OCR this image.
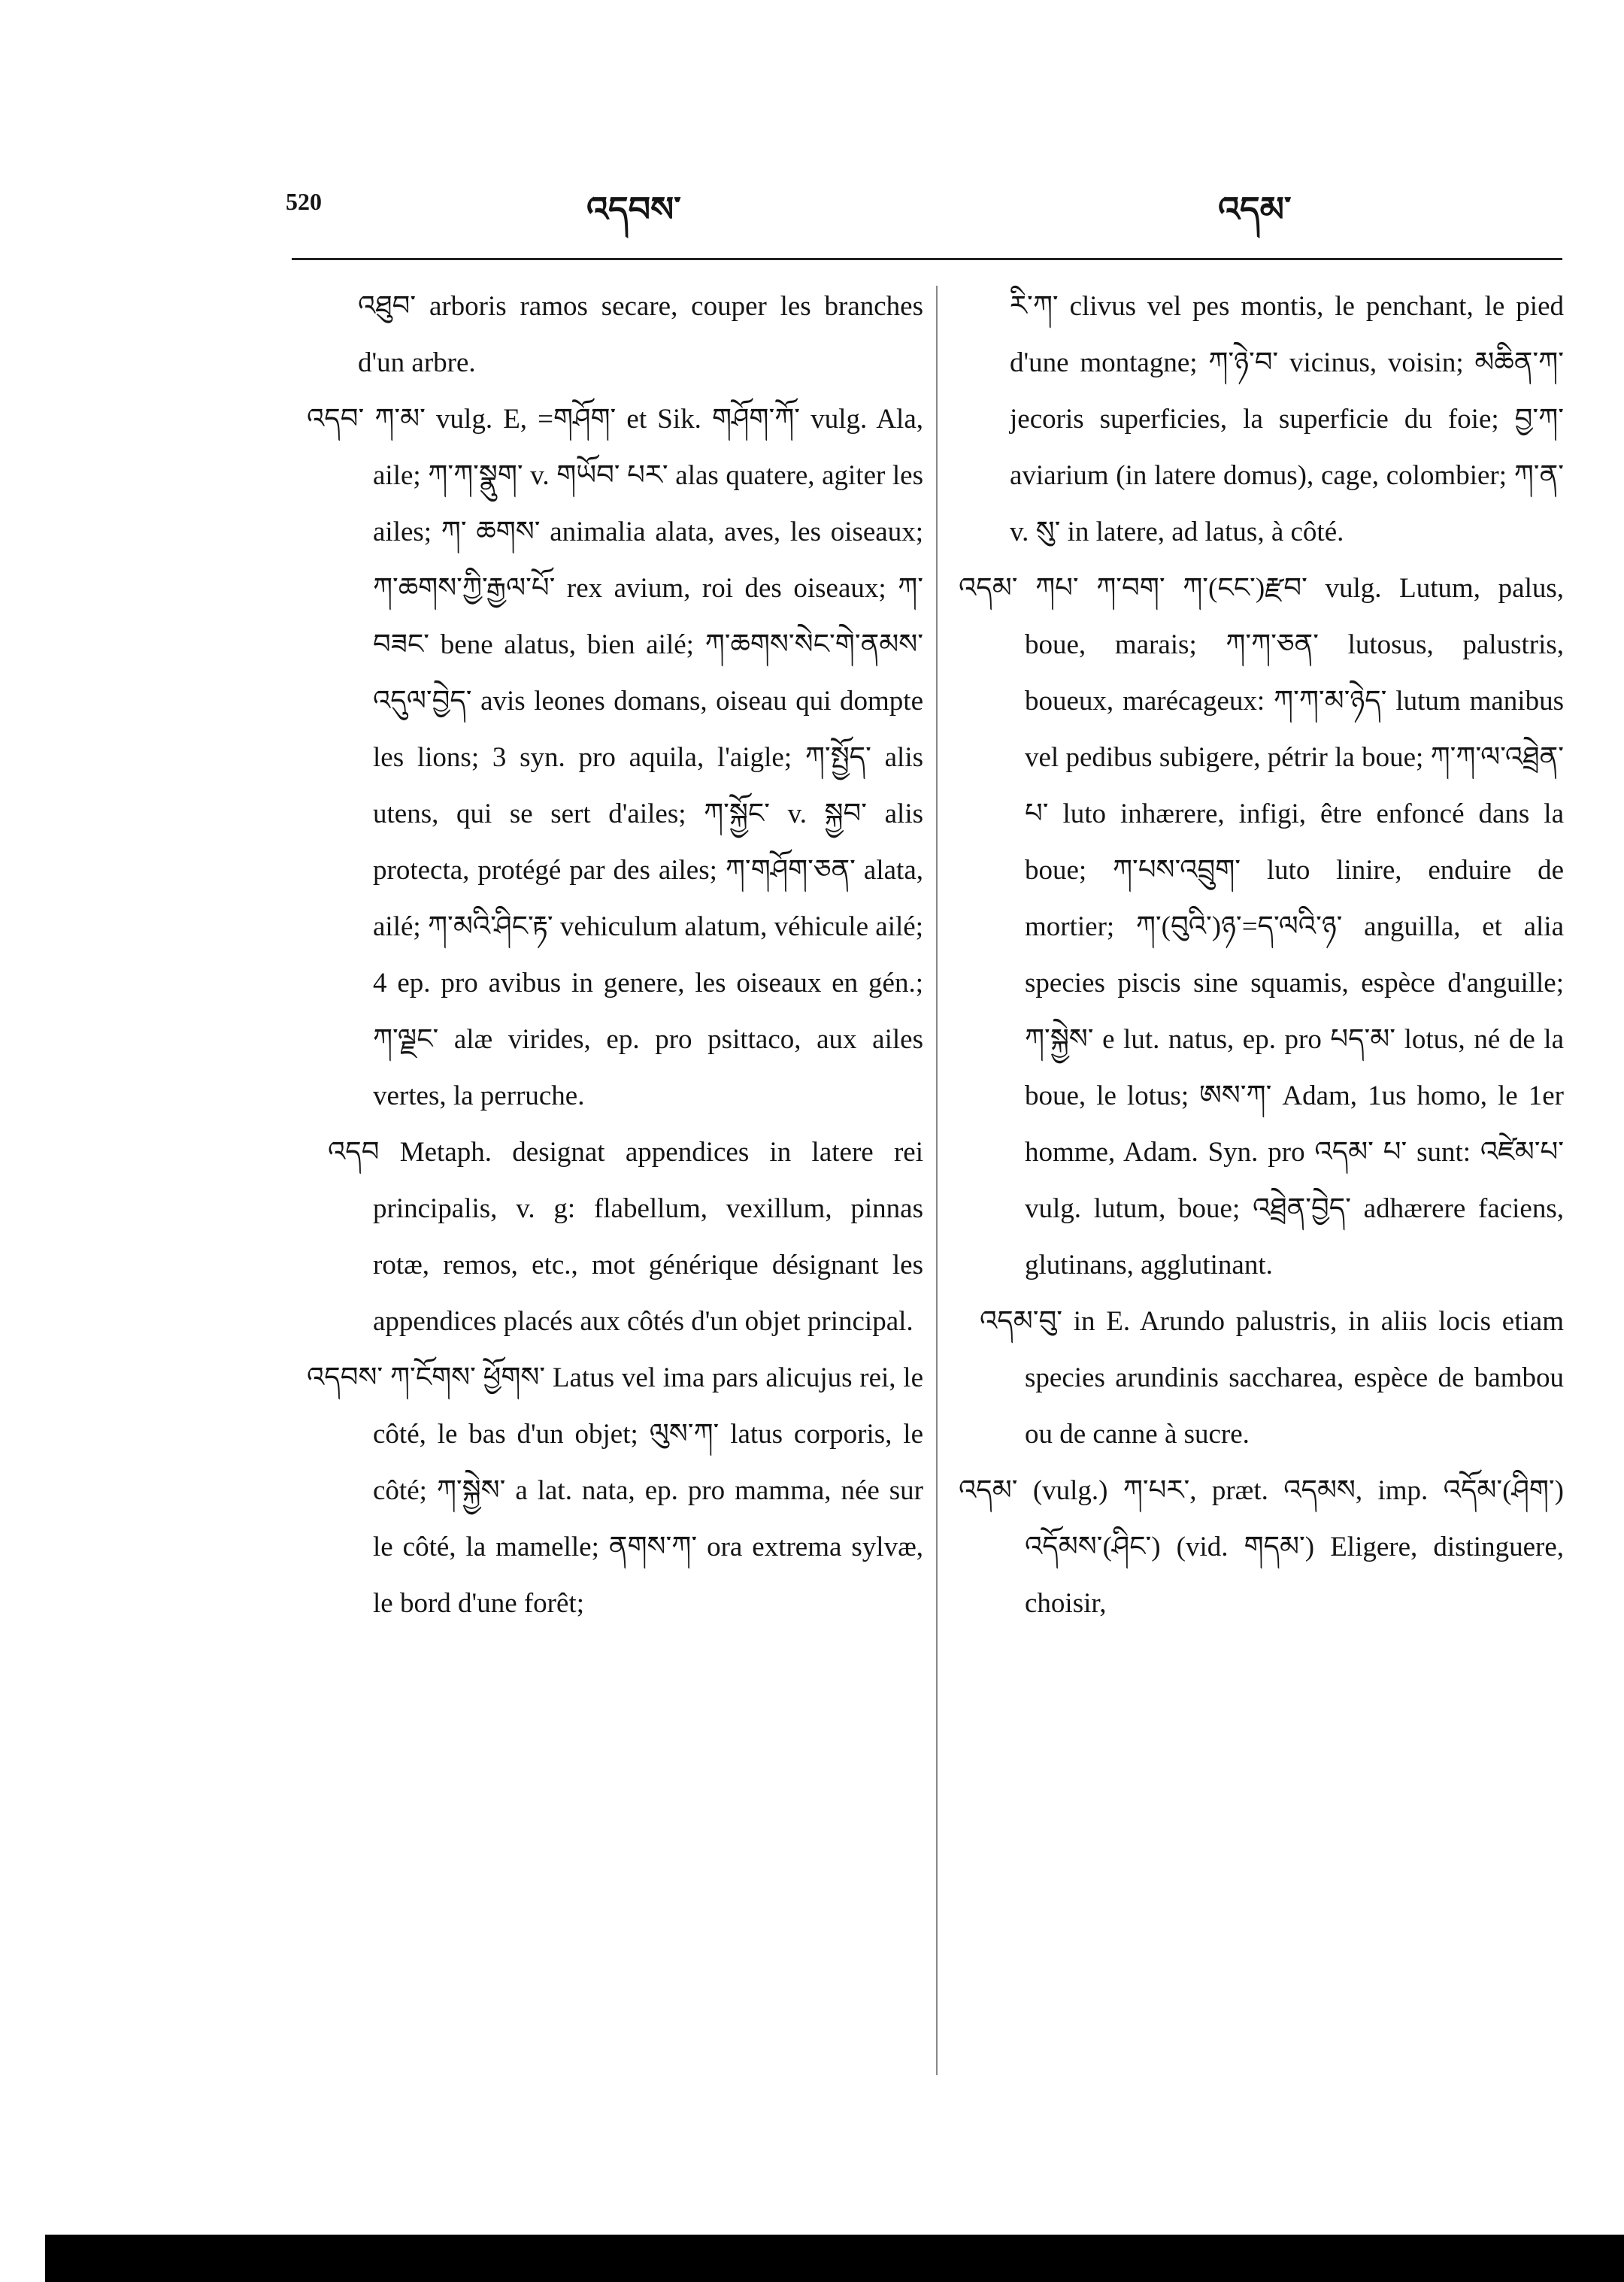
520	འདབས་	འདམ་

འཐུབ་ arboris ramos secare, couper les branches d'un arbre.

འདབ་ ཀ་མ་ vulg. E, =གཤོག་ et Sik. གཤོག་ཀོ་ vulg. Ala, aile; ཀ་ཀ་སྣུག་ v. གཡོབ་ པར་ alas quatere, agiter les ailes; ཀ་ ཆགས་ animalia alata, aves, les oiseaux; ཀ་ཆགས་ཀྱི་རྒྱལ་པོ་ rex avium, roi des oiseaux; ཀ་བཟང་ bene alatus, bien ailé; ཀ་ཆགས་སེང་གེ་ནམས་འདུལ་བྱེད་ avis leones domans, oiseau qui dompte les lions; 3 syn. pro aquila, l'aigle; ཀ་སྤྱོད་ alis utens, qui se sert d'ailes; ཀ་སྐྱོང་ v. སྐྱབ་ alis protecta, protégé par des ailes; ཀ་གཤོག་ཅན་ alata, ailé; ཀ་མའི་ཤིང་རྟ་ vehiculum alatum, véhicule ailé; 4 ep. pro avibus in genere, les oiseaux en gén.; ཀ་ལྗང་ alæ virides, ep. pro psittaco, aux ailes vertes, la perruche.

འདབ Metaph. designat appendices in latere rei principalis, v. g: flabellum, vexillum, pinnas rotæ, remos, etc., mot générique désignant les appendices placés aux côtés d'un objet principal.

འདབས་ ཀ་ངོགས་ ཕྱོགས་ Latus vel ima pars alicujus rei, le côté, le bas d'un objet; ལུས་ཀ་ latus corporis, le côté; ཀ་སྐྱེས་ a lat. nata, ep. pro mamma, née sur le côté, la mamelle; ནགས་ཀ་ ora extrema sylvæ, le bord d'une forêt;

རི་ཀ་ clivus vel pes montis, le penchant, le pied d'une montagne; ཀ་ཉེ་བ་ vicinus, voisin; མཆིན་ཀ་ jecoris superficies, la superficie du foie; བྱ་ཀ་ aviarium (in latere domus), cage, colombier; ཀ་ན་ v. སུ་ in latere, ad latus, à côté.

འདམ་ ཀཔ་ ཀ་བག་ ཀ་(ངང་)རྫབ་ vulg. Lutum, palus, boue, marais; ཀ་ཀ་ཅན་ lutosus, palustris, boueux, marécageux: ཀ་ཀ་མ་ཉེད་ lutum manibus vel pedibus subigere, pétrir la boue; ཀ་ཀ་ལ་འཐྲེན་པ་ luto inhærere, infigi, être enfoncé dans la boue; ཀ་པས་འབྲུག་ luto linire, enduire de mortier; ཀ་(བུའི་)ཉ་=ད་ལའི་ཉ་ anguilla, et alia species piscis sine squamis, espèce d'anguille; ཀ་སྐྱེས་ e lut. natus, ep. pro པད་མ་ lotus, né de la boue, le lotus; ཨས་ཀ་ Adam, 1us homo, le 1er homme, Adam. Syn. pro འདམ་ པ་ sunt: འཛེམ་པ་ vulg. lutum, boue; འཐྲེན་བྱེད་ adhærere faciens, glutinans, agglutinant.

འདམ་བུ་ in E. Arundo palustris, in aliis locis etiam species arundinis saccharea, espèce de bambou ou de canne à sucre.

འདམ་ (vulg.) ཀ་པར་, præt. འདམས, imp. འདོམ་(ཤིག་) འདོམས་(ཤིང་) (vid. གདམ་) Eligere, distinguere, choisir,
